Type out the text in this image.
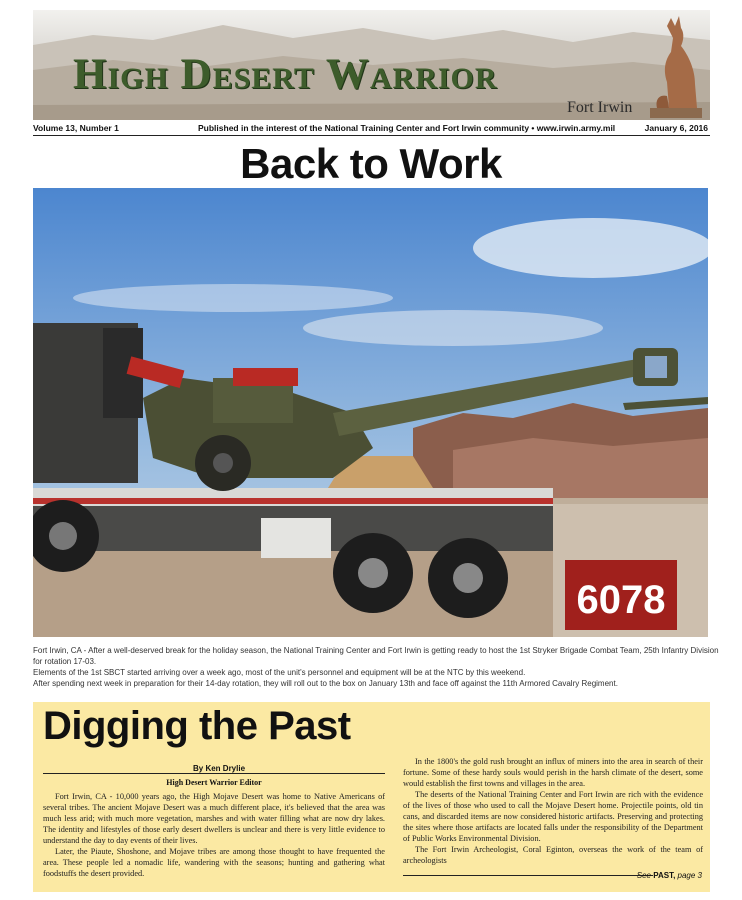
High Desert Warrior
Fort Irwin
Volume 13, Number 1	Published in the interest of the National Training Center and Fort Irwin community • www.irwin.army.mil	January 6, 2016
Back to Work
6078

Fort Irwin, CA - After a well-deserved break for the holiday season, the National Training Center and Fort Irwin is getting ready to host the 1st Stryker Brigade Combat Team, 25th Infantry Division for rotation 17-03.

Elements of the 1st SBCT started arriving over a week ago, most of the unit's personnel and equipment will be at the NTC by this weekend.

After spending next week in preparation for their 14-day rotation, they will roll out to the box on January 13th and face off against the 11th Armored Cavalry Regiment.

Digging the Past
By Ken Drylie
High Desert Warrior Editor

Fort Irwin, CA - 10,000 years ago, the High Mojave Desert was home to Native Americans of several tribes. The ancient Mojave Desert was a much different place, it's believed that the area was much less arid; with much more vegetation, marshes and with water filling what are now dry lakes. The identity and lifestyles of those early desert dwellers is unclear and there is very little evidence to understand the day to day events of their lives.

Later, the Piaute, Shoshone, and Mojave tribes are among those thought to have frequented the area. These people led a nomadic life, wandering with the seasons; hunting and gathering what foodstuffs the desert provided.

In the 1800's the gold rush brought an influx of miners into the area in search of their fortune. Some of these hardy souls would perish in the harsh climate of the desert, some would establish the first towns and villages in the area.

The deserts of the National Training Center and Fort Irwin are rich with the evidence of the lives of those who used to call the Mojave Desert home. Projectile points, old tin cans, and discarded items are now considered historic artifacts. Preserving and protecting the sites where those artifacts are located falls under the responsibility of the Department of Public Works Environmental Division.

The Fort Irwin Archeologist, Coral Eginton, overseas the work of the team of archeologists

See PAST, page 3
